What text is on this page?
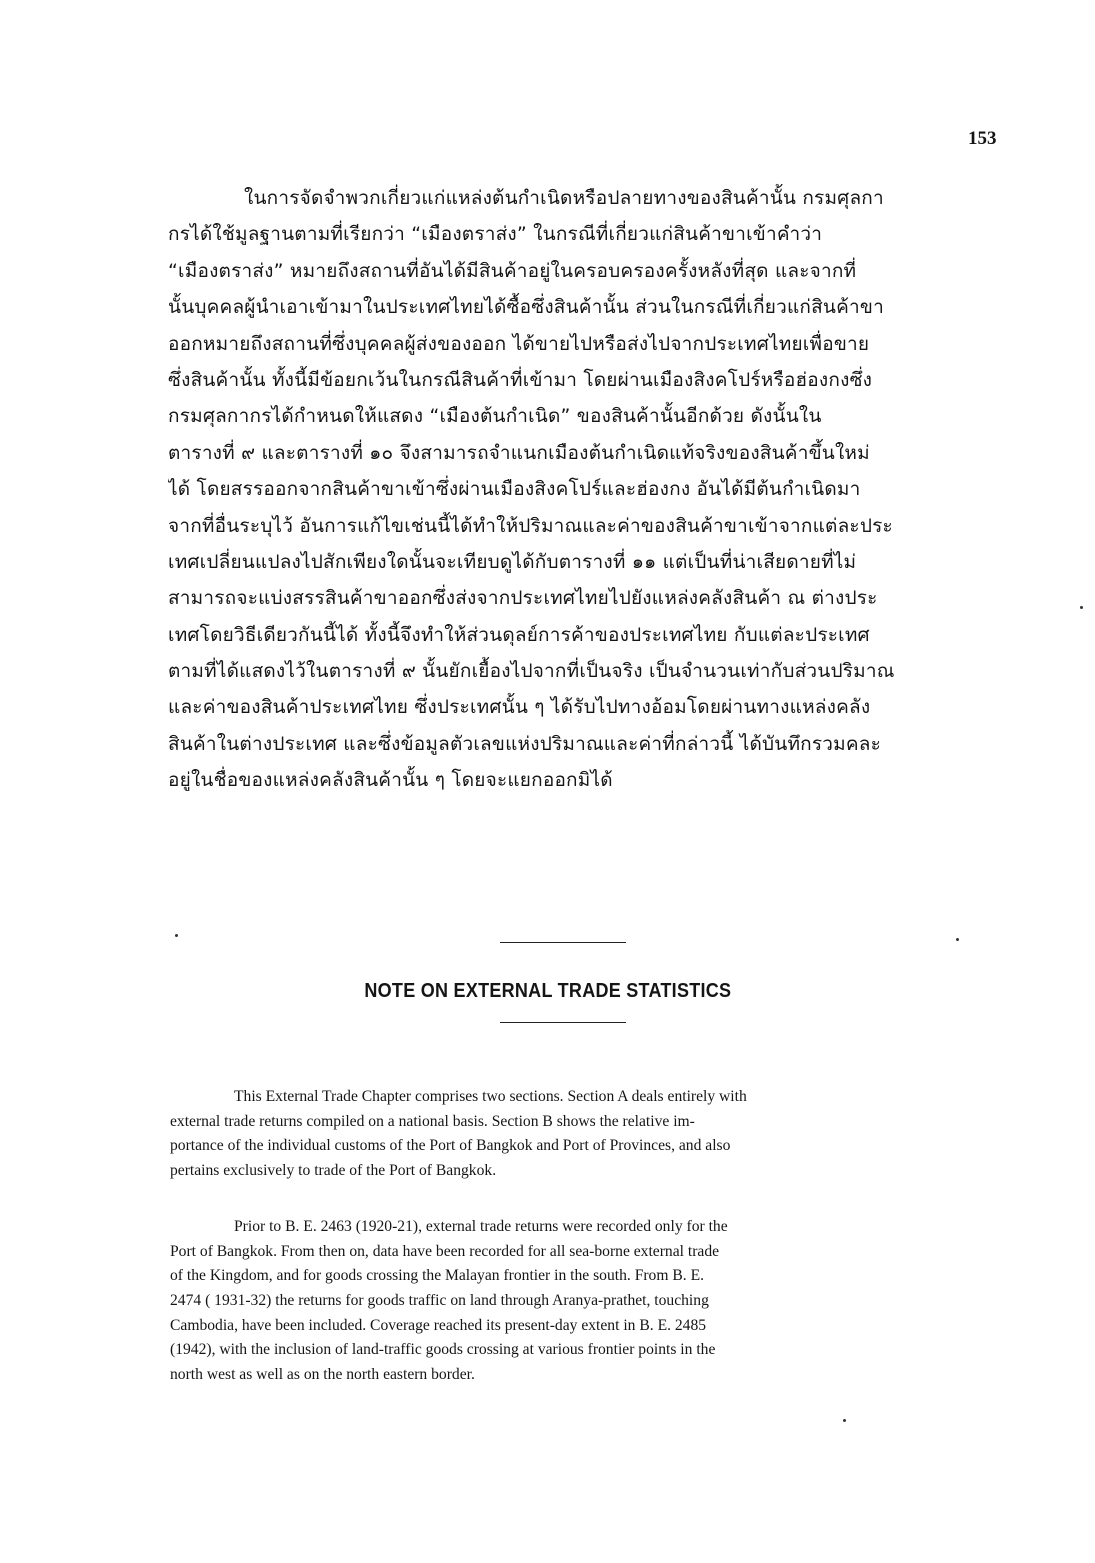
153
ในการจัดจำพวกเกี่ยวแก่แหล่งต้นกำเนิดหรือปลายทางของสินค้านั้น กรมศุลกา
กรได้ใช้มูลฐานตามที่เรียกว่า “เมืองตราส่ง” ในกรณีที่เกี่ยวแก่สินค้าขาเข้าคำว่า
“เมืองตราส่ง” หมายถึงสถานที่อันได้มีสินค้าอยู่ในครอบครองครั้งหลังที่สุด และจากที่
นั้นบุคคลผู้นำเอาเข้ามาในประเทศไทยได้ซื้อซึ่งสินค้านั้น ส่วนในกรณีที่เกี่ยวแก่สินค้าขา
ออกหมายถึงสถานที่ซึ่งบุคคลผู้ส่งของออก ได้ขายไปหรือส่งไปจากประเทศไทยเพื่อขาย
ซึ่งสินค้านั้น ทั้งนี้มีข้อยกเว้นในกรณีสินค้าที่เข้ามา โดยผ่านเมืองสิงคโปร์หรือฮ่องกงซึ่ง
กรมศุลกากรได้กำหนดให้แสดง “เมืองต้นกำเนิด” ของสินค้านั้นอีกด้วย ดังนั้นใน
ตารางที่ ๙ และตารางที่ ๑๐ จึงสามารถจำแนกเมืองต้นกำเนิดแท้จริงของสินค้าขึ้นใหม่
ได้ โดยสรรออกจากสินค้าขาเข้าซึ่งผ่านเมืองสิงคโปร์และฮ่องกง อันได้มีต้นกำเนิดมา
จากที่อื่นระบุไว้ อันการแก้ไขเช่นนี้ได้ทำให้ปริมาณและค่าของสินค้าขาเข้าจากแต่ละประ
เทศเปลี่ยนแปลงไปสักเพียงใดนั้นจะเทียบดูได้กับตารางที่ ๑๑ แต่เป็นที่น่าเสียดายที่ไม่
สามารถจะแบ่งสรรสินค้าขาออกซึ่งส่งจากประเทศไทยไปยังแหล่งคลังสินค้า ณ ต่างประ
เทศโดยวิธีเดียวกันนี้ได้ ทั้งนี้จึงทำให้ส่วนดุลย์การค้าของประเทศไทย กับแต่ละประเทศ
ตามที่ได้แสดงไว้ในตารางที่ ๙ นั้นยักเยื้องไปจากที่เป็นจริง เป็นจำนวนเท่ากับส่วนปริมาณ
และค่าของสินค้าประเทศไทย ซึ่งประเทศนั้น ๆ ได้รับไปทางอ้อมโดยผ่านทางแหล่งคลัง
สินค้าในต่างประเทศ และซึ่งข้อมูลตัวเลขแห่งปริมาณและค่าที่กล่าวนี้ ได้บันทึกรวมคละ
อยู่ในชื่อของแหล่งคลังสินค้านั้น ๆ โดยจะแยกออกมิได้
NOTE ON EXTERNAL TRADE STATISTICS
This External Trade Chapter comprises two sections. Section A deals entirely with
external trade returns compiled on a national basis. Section B shows the relative im-
portance of the individual customs of the Port of Bangkok and Port of Provinces, and also
pertains exclusively to trade of the Port of Bangkok.
Prior to B. E. 2463 (1920-21), external trade returns were recorded only for the
Port of Bangkok. From then on, data have been recorded for all sea-borne external trade
of the Kingdom, and for goods crossing the Malayan frontier in the south. From B. E.
2474 ( 1931-32) the returns for goods traffic on land through Aranya-prathet, touching
Cambodia, have been included. Coverage reached its present-day extent in B. E. 2485
(1942), with the inclusion of land-traffic goods crossing at various frontier points in the
north west as well as on the north eastern border.
